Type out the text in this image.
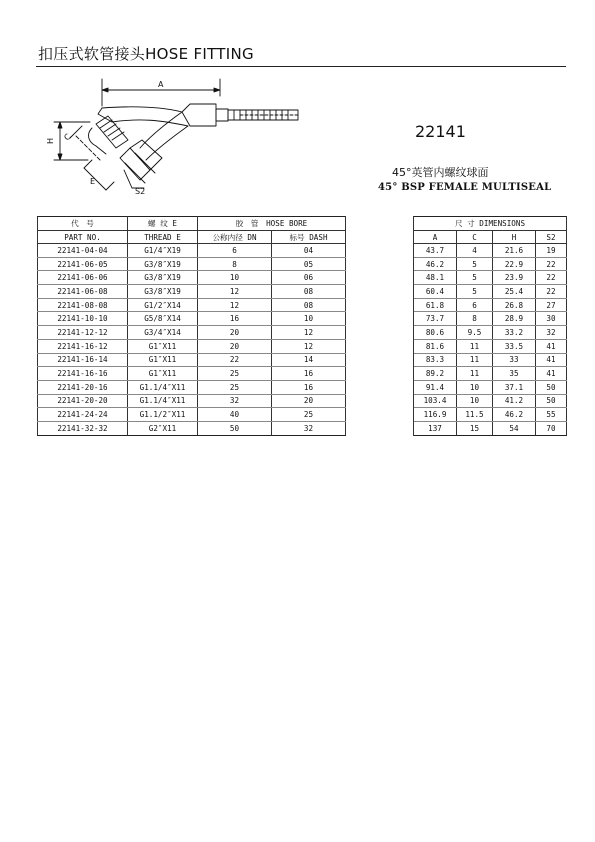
扣压式软管接头HOSE FITTING
A
H C
E
S2
22141
45°英管内螺纹球面
45° BSP FEMALE MULTISEAL
代　号	螺 纹 E	胶　管　HOSE BORE			尺 寸 DIMENSIONS			
PART NO.	THREAD E	公称内径 DN	标号 DASH		A	C	H	S2
22141-04-04	G1/4″X19	6	04		43.7	4	21.6	19
22141-06-05	G3/8″X19	8	05		46.2	5	22.9	22
22141-06-06	G3/8″X19	10	06		48.1	5	23.9	22
22141-06-08	G3/8″X19	12	08		60.4	5	25.4	22
22141-08-08	G1/2″X14	12	08		61.8	6	26.8	27
22141-10-10	G5/8″X14	16	10		73.7	8	28.9	30
22141-12-12	G3/4″X14	20	12		80.6	9.5	33.2	32
22141-16-12	G1″X11	20	12		81.6	11	33.5	41
22141-16-14	G1″X11	22	14		83.3	11	33	41
22141-16-16	G1″X11	25	16		89.2	11	35	41
22141-20-16	G1.1/4″X11	25	16		91.4	10	37.1	50
22141-20-20	G1.1/4″X11	32	20		103.4	10	41.2	50
22141-24-24	G1.1/2″X11	40	25		116.9	11.5	46.2	55
22141-32-32	G2″X11	50	32		137	15	54	70
